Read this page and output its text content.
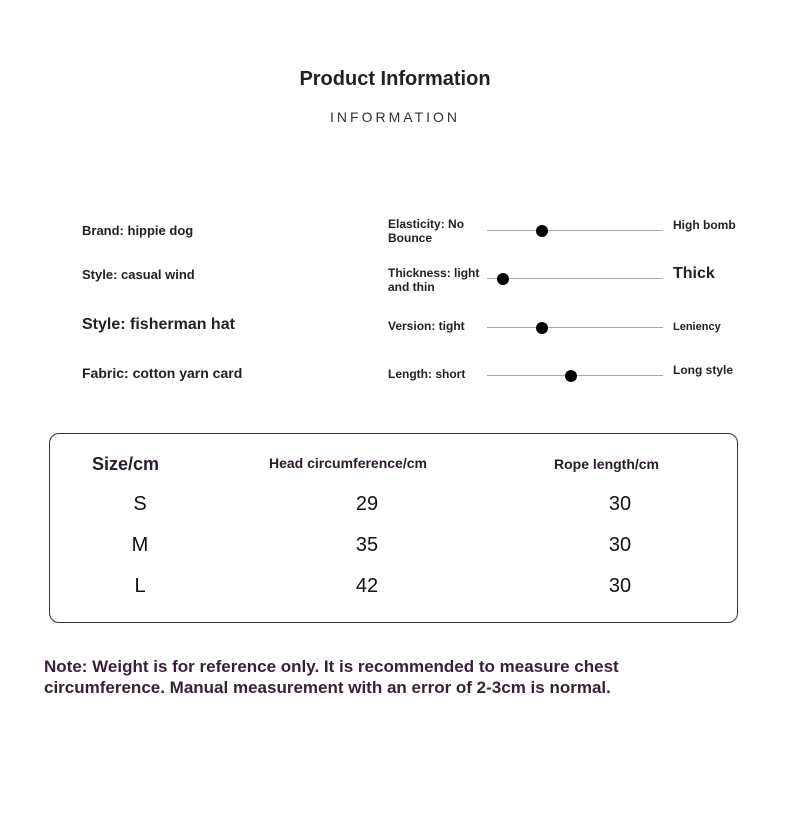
Product Information
INFORMATION
Brand: hippie dog
Style: casual wind
Style: fisherman hat
Fabric: cotton yarn card
Elasticity: No Bounce
High bomb
Thickness: light and thin
Thick
Version: tight	Leniency
Length: short	Long style
Size/cm	Head circumference/cm	Rope length/cm
S	29	30
M	35	30
L	42	30
Note: Weight is for reference only. It is recommended to measure chest circumference. Manual measurement with an error of 2-3cm is normal.
